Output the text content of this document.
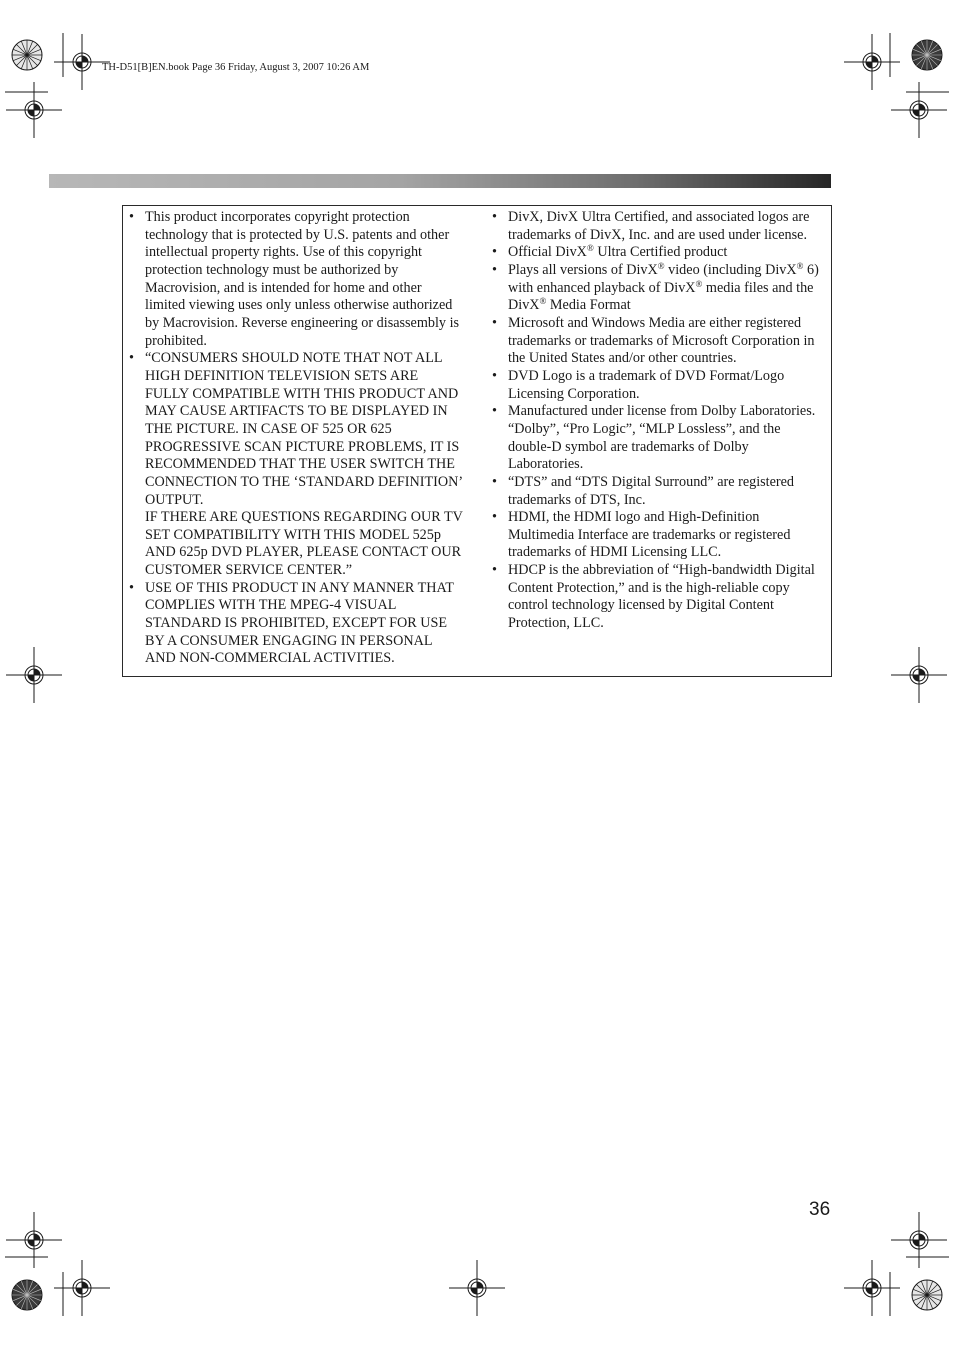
TH-D51[B]EN.book Page 36 Friday, August 3, 2007 10:26 AM
• This product incorporates copyright protection technology that is protected by U.S. patents and other intellectual property rights. Use of this copyright protection technology must be authorized by Macrovision, and is intended for home and other limited viewing uses only unless otherwise authorized by Macrovision. Reverse engineering or disassembly is prohibited.

• “CONSUMERS SHOULD NOTE THAT NOT ALL HIGH DEFINITION TELEVISION SETS ARE FULLY COMPATIBLE WITH THIS PRODUCT AND MAY CAUSE ARTIFACTS TO BE DISPLAYED IN THE PICTURE. IN CASE OF 525 OR 625 PROGRESSIVE SCAN PICTURE PROBLEMS, IT IS RECOMMENDED THAT THE USER SWITCH THE CONNECTION TO THE ‘STANDARD DEFINITION’ OUTPUT.

IF THERE ARE QUESTIONS REGARDING OUR TV SET COMPATIBILITY WITH THIS MODEL 525p AND 625p DVD PLAYER, PLEASE CONTACT OUR CUSTOMER SERVICE CENTER.”

• USE OF THIS PRODUCT IN ANY MANNER THAT COMPLIES WITH THE MPEG-4 VISUAL STANDARD IS PROHIBITED, EXCEPT FOR USE BY A CONSUMER ENGAGING IN PERSONAL AND NON-COMMERCIAL ACTIVITIES.

• DivX, DivX Ultra Certified, and associated logos are trademarks of DivX, Inc. and are used under license.

• Official DivX® Ultra Certified product

• Plays all versions of DivX® video (including DivX® 6) with enhanced playback of DivX® media files and the DivX® Media Format

• Microsoft and Windows Media are either registered trademarks or trademarks of Microsoft Corporation in the United States and/or other countries.

• DVD Logo is a trademark of DVD Format/Logo Licensing Corporation.

• Manufactured under license from Dolby Laboratories. “Dolby”, “Pro Logic”, “MLP Lossless”, and the double-D symbol are trademarks of Dolby Laboratories.

• “DTS” and “DTS Digital Surround” are registered trademarks of DTS, Inc.

• HDMI, the HDMI logo and High-Definition Multimedia Interface are trademarks or registered trademarks of HDMI Licensing LLC.

• HDCP is the abbreviation of “High-bandwidth Digital Content Protection,” and is the high-reliable copy control technology licensed by Digital Content Protection, LLC.

36
